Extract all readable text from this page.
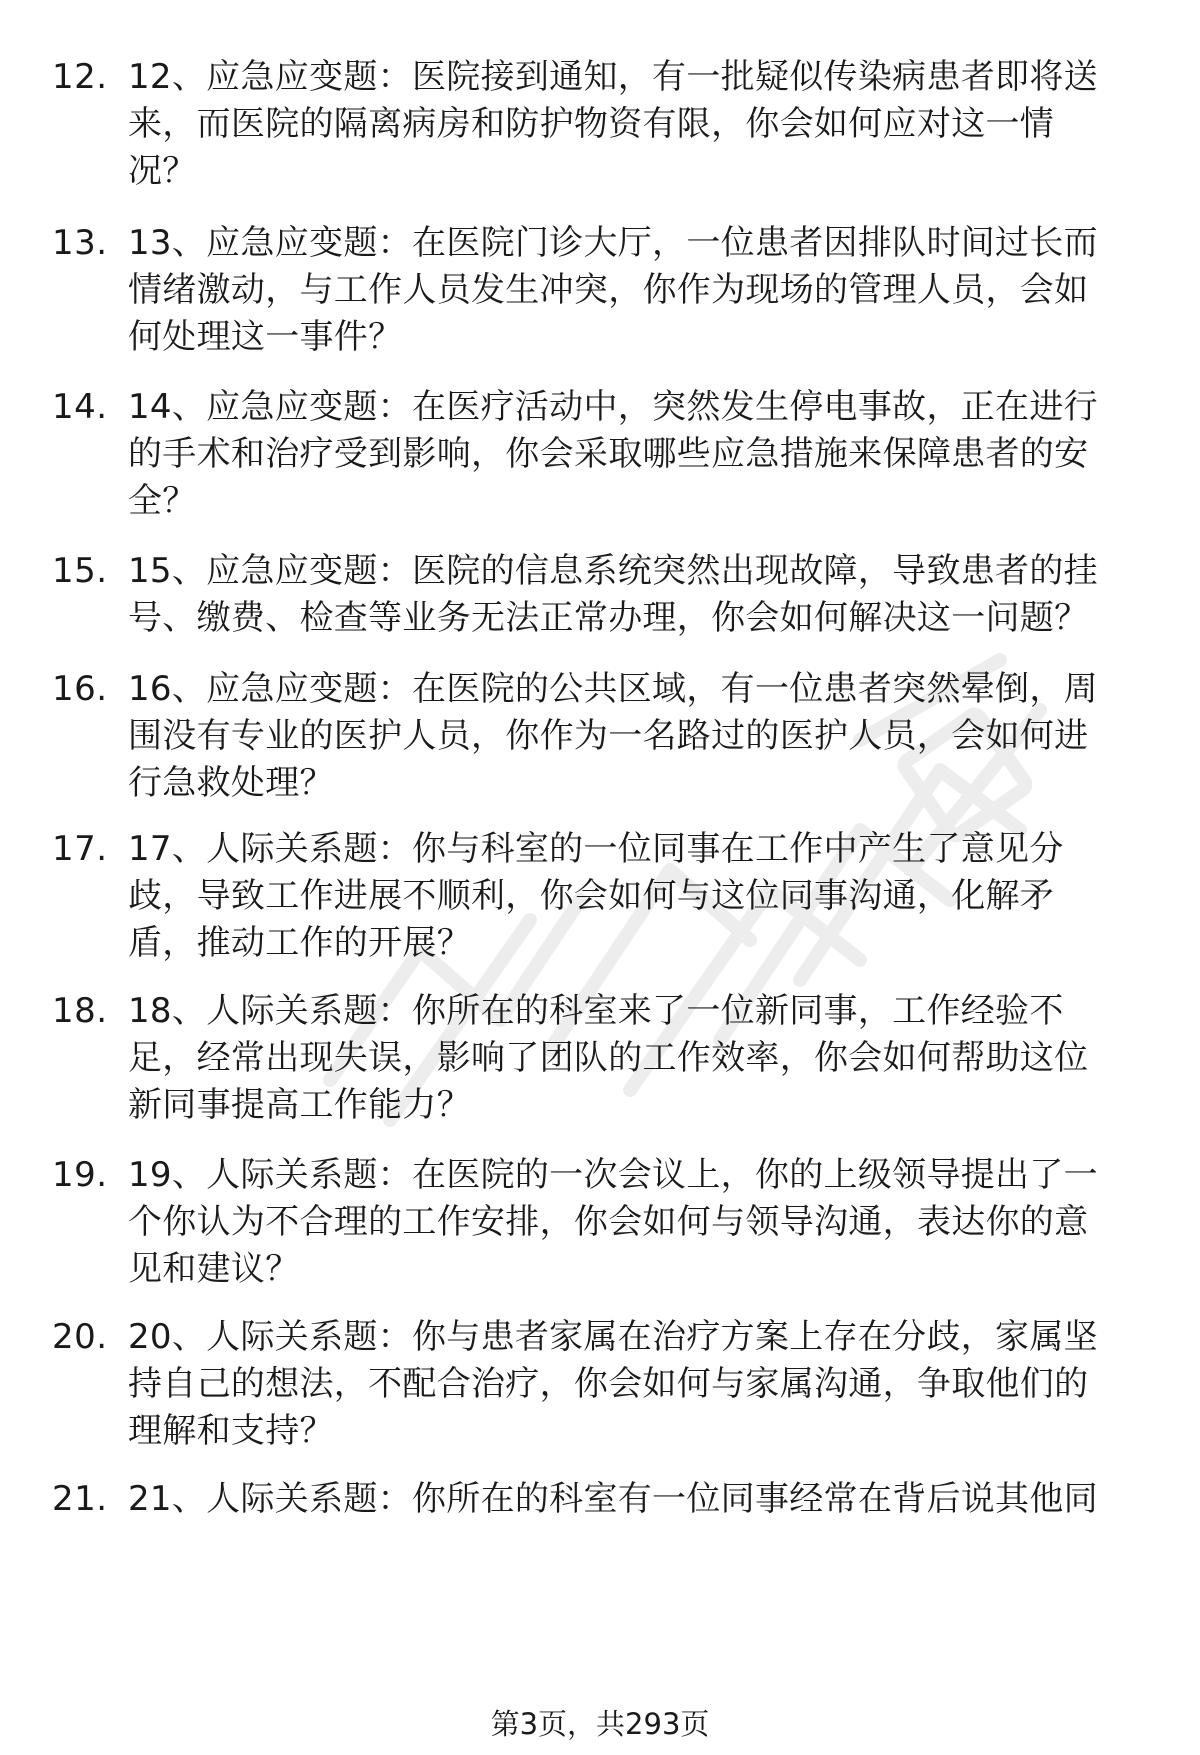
12. 12、应急应变题：医院接到通知，有一批疑似传染病患者即将送
来，而医院的隔离病房和防护物资有限，你会如何应对这一情
况？
13. 13、应急应变题：在医院门诊大厅，一位患者因排队时间过长而
情绪激动，与工作人员发生冲突，你作为现场的管理人员，会如
何处理这一事件？
14. 14、应急应变题：在医疗活动中，突然发生停电事故，正在进行
的手术和治疗受到影响，你会采取哪些应急措施来保障患者的安
全？
15. 15、应急应变题：医院的信息系统突然出现故障，导致患者的挂
号、缴费、检查等业务无法正常办理，你会如何解决这一问题？
16. 16、应急应变题：在医院的公共区域，有一位患者突然晕倒，周
围没有专业的医护人员，你作为一名路过的医护人员，会如何进
行急救处理？
17. 17、人际关系题：你与科室的一位同事在工作中产生了意见分
歧，导致工作进展不顺利，你会如何与这位同事沟通，化解矛
盾，推动工作的开展？
18. 18、人际关系题：你所在的科室来了一位新同事，工作经验不
足，经常出现失误，影响了团队的工作效率，你会如何帮助这位
新同事提高工作能力？
19. 19、人际关系题：在医院的一次会议上，你的上级领导提出了一
个你认为不合理的工作安排，你会如何与领导沟通，表达你的意
见和建议？
20. 20、人际关系题：你与患者家属在治疗方案上存在分歧，家属坚
持自己的想法，不配合治疗，你会如何与家属沟通，争取他们的
理解和支持？
21. 21、人际关系题：你所在的科室有一位同事经常在背后说其他同
第3页，共293页
